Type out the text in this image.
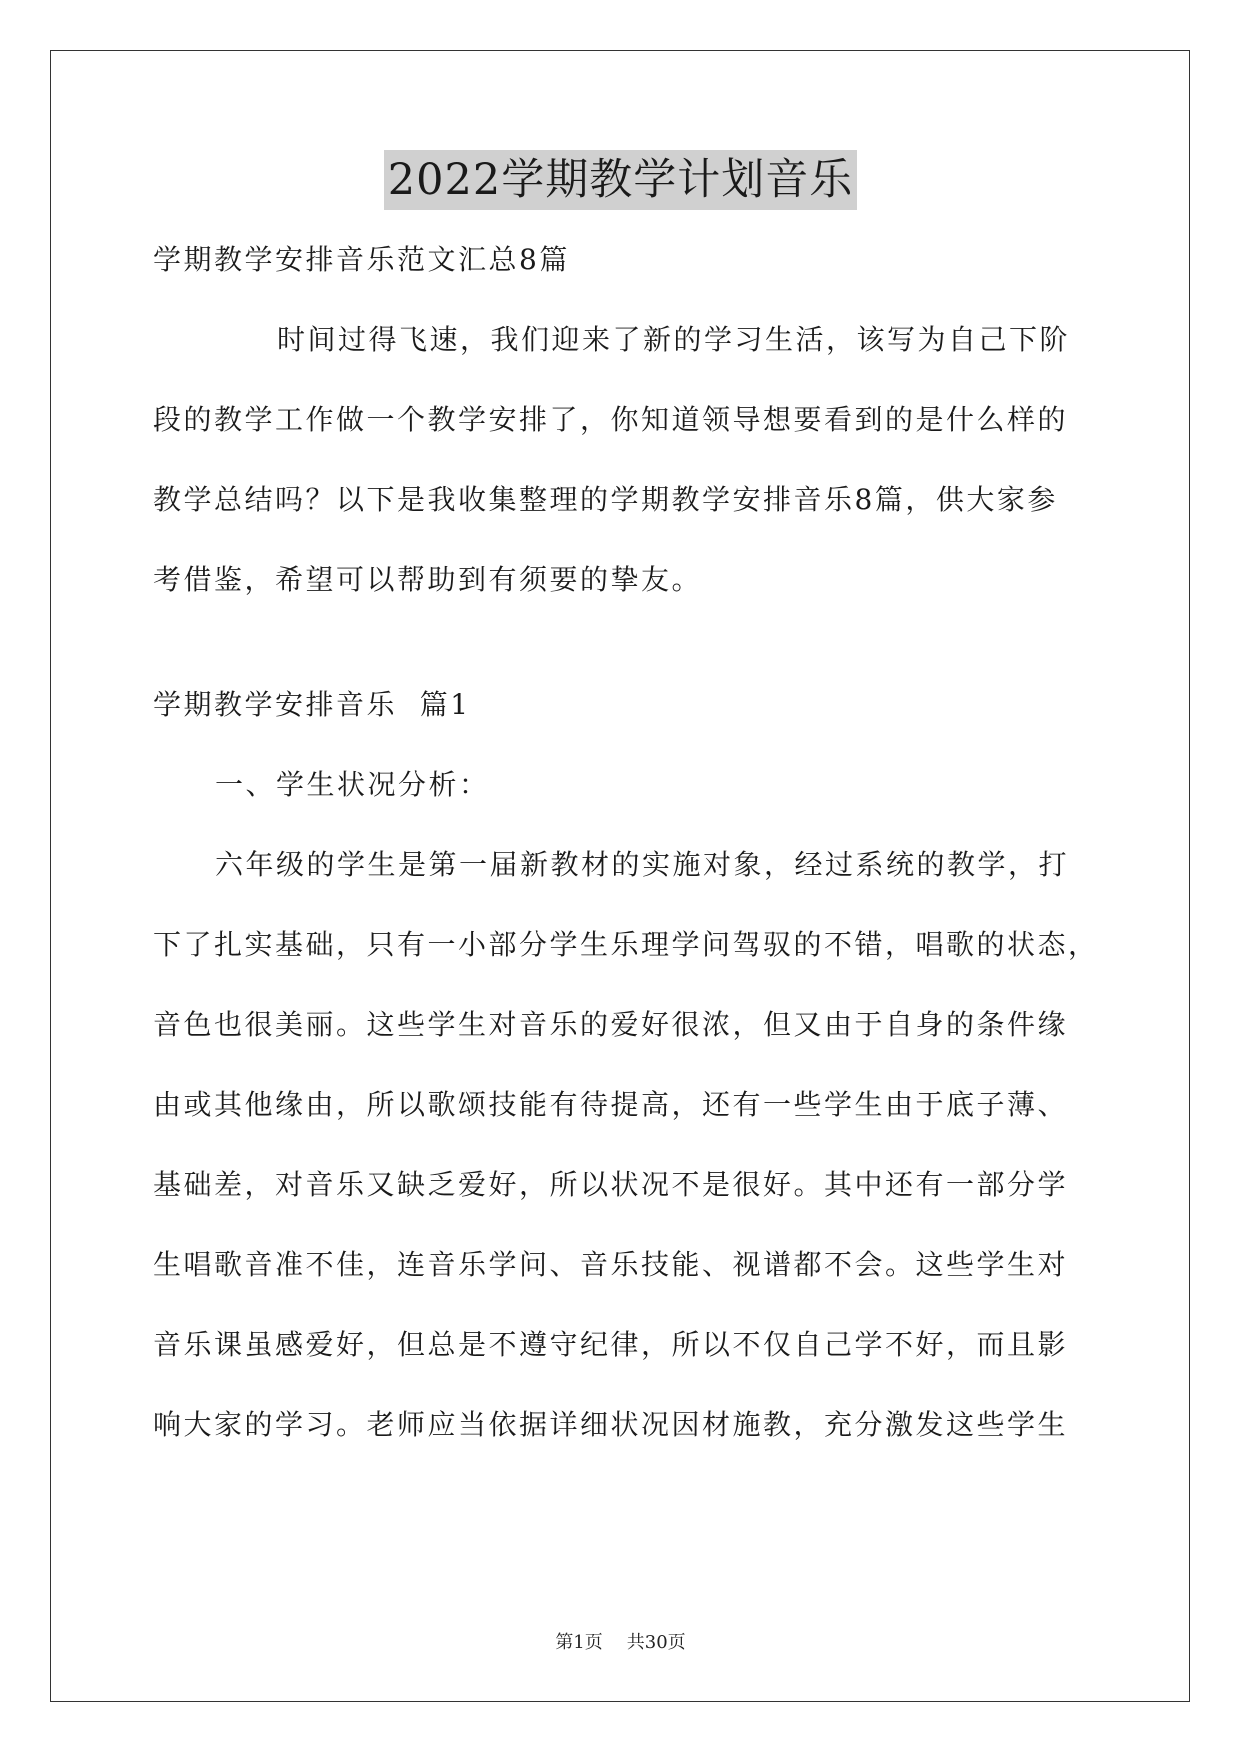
2022学期教学计划音乐
学期教学安排音乐范文汇总8篇
时间过得飞速，我们迎来了新的学习生活，该写为自己下阶
段的教学工作做一个教学安排了，你知道领导想要看到的是什么样的
教学总结吗？以下是我收集整理的学期教学安排音乐8篇，供大家参
考借鉴，希望可以帮助到有须要的挚友。
学期教学安排音乐  篇1
一、学生状况分析：
六年级的学生是第一届新教材的实施对象，经过系统的教学，打
下了扎实基础，只有一小部分学生乐理学问驾驭的不错，唱歌的状态，
音色也很美丽。这些学生对音乐的爱好很浓，但又由于自身的条件缘
由或其他缘由，所以歌颂技能有待提高，还有一些学生由于底子薄、
基础差，对音乐又缺乏爱好，所以状况不是很好。其中还有一部分学
生唱歌音准不佳，连音乐学问、音乐技能、视谱都不会。这些学生对
音乐课虽感爱好，但总是不遵守纪律，所以不仅自己学不好，而且影
响大家的学习。老师应当依据详细状况因材施教，充分激发这些学生
第1页 共30页
